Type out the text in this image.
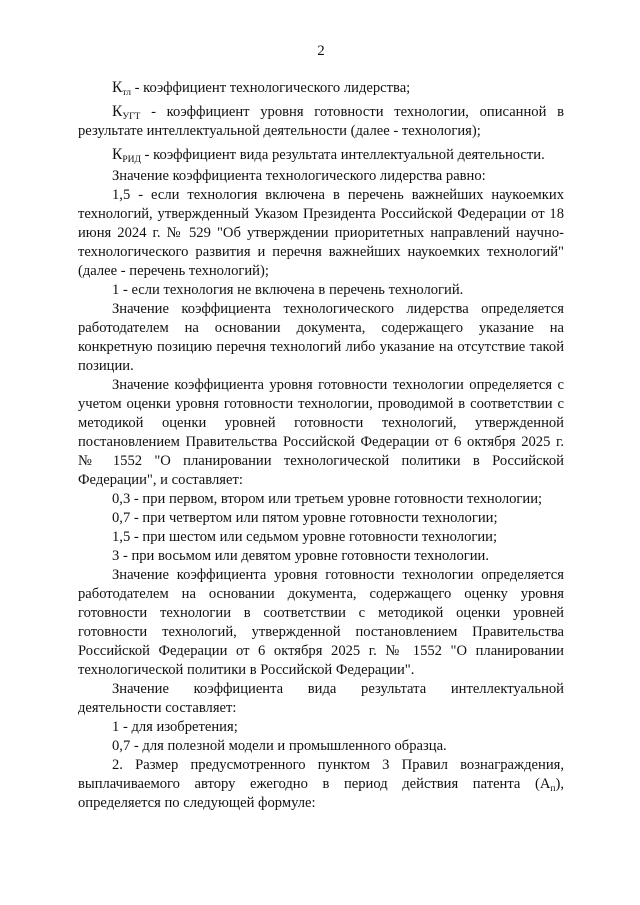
2

$К_{тл}$ - коэффициент технологического лидерства;

$К_{УГТ}$ - коэффициент уровня готовности технологии, описанной в результате интеллектуальной деятельности (далее - технология);

$К_{РИД}$ - коэффициент вида результата интеллектуальной деятельности.

Значение коэффициента технологического лидерства равно:

1,5 - если технология включена в перечень важнейших наукоемких технологий, утвержденный Указом Президента Российской Федерации от 18 июня 2024 г. № 529 "Об утверждении приоритетных направлений научно-технологического развития и перечня важнейших наукоемких технологий" (далее - перечень технологий);

1 - если технология не включена в перечень технологий.

Значение коэффициента технологического лидерства определяется работодателем на основании документа, содержащего указание на конкретную позицию перечня технологий либо указание на отсутствие такой позиции.

Значение коэффициента уровня готовности технологии определяется с учетом оценки уровня готовности технологии, проводимой в соответствии с методикой оценки уровней готовности технологий, утвержденной постановлением Правительства Российской Федерации от 6 октября 2025 г. № 1552 "О планировании технологической политики в Российской Федерации", и составляет:

0,3 - при первом, втором или третьем уровне готовности технологии;

0,7 - при четвертом или пятом уровне готовности технологии;

1,5 - при шестом или седьмом уровне готовности технологии;

3 - при восьмом или девятом уровне готовности технологии.

Значение коэффициента уровня готовности технологии определяется работодателем на основании документа, содержащего оценку уровня готовности технологии в соответствии с методикой оценки уровней готовности технологий, утвержденной постановлением Правительства Российской Федерации от 6 октября 2025 г. № 1552 "О планировании технологической политики в Российской Федерации".

Значение коэффициента вида результата интеллектуальной деятельности составляет:

1 - для изобретения;

0,7 - для полезной модели и промышленного образца.

2. Размер предусмотренного пунктом 3 Правил вознаграждения, выплачиваемого автору ежегодно в период действия патента $(А_п)$, определяется по следующей формуле:
